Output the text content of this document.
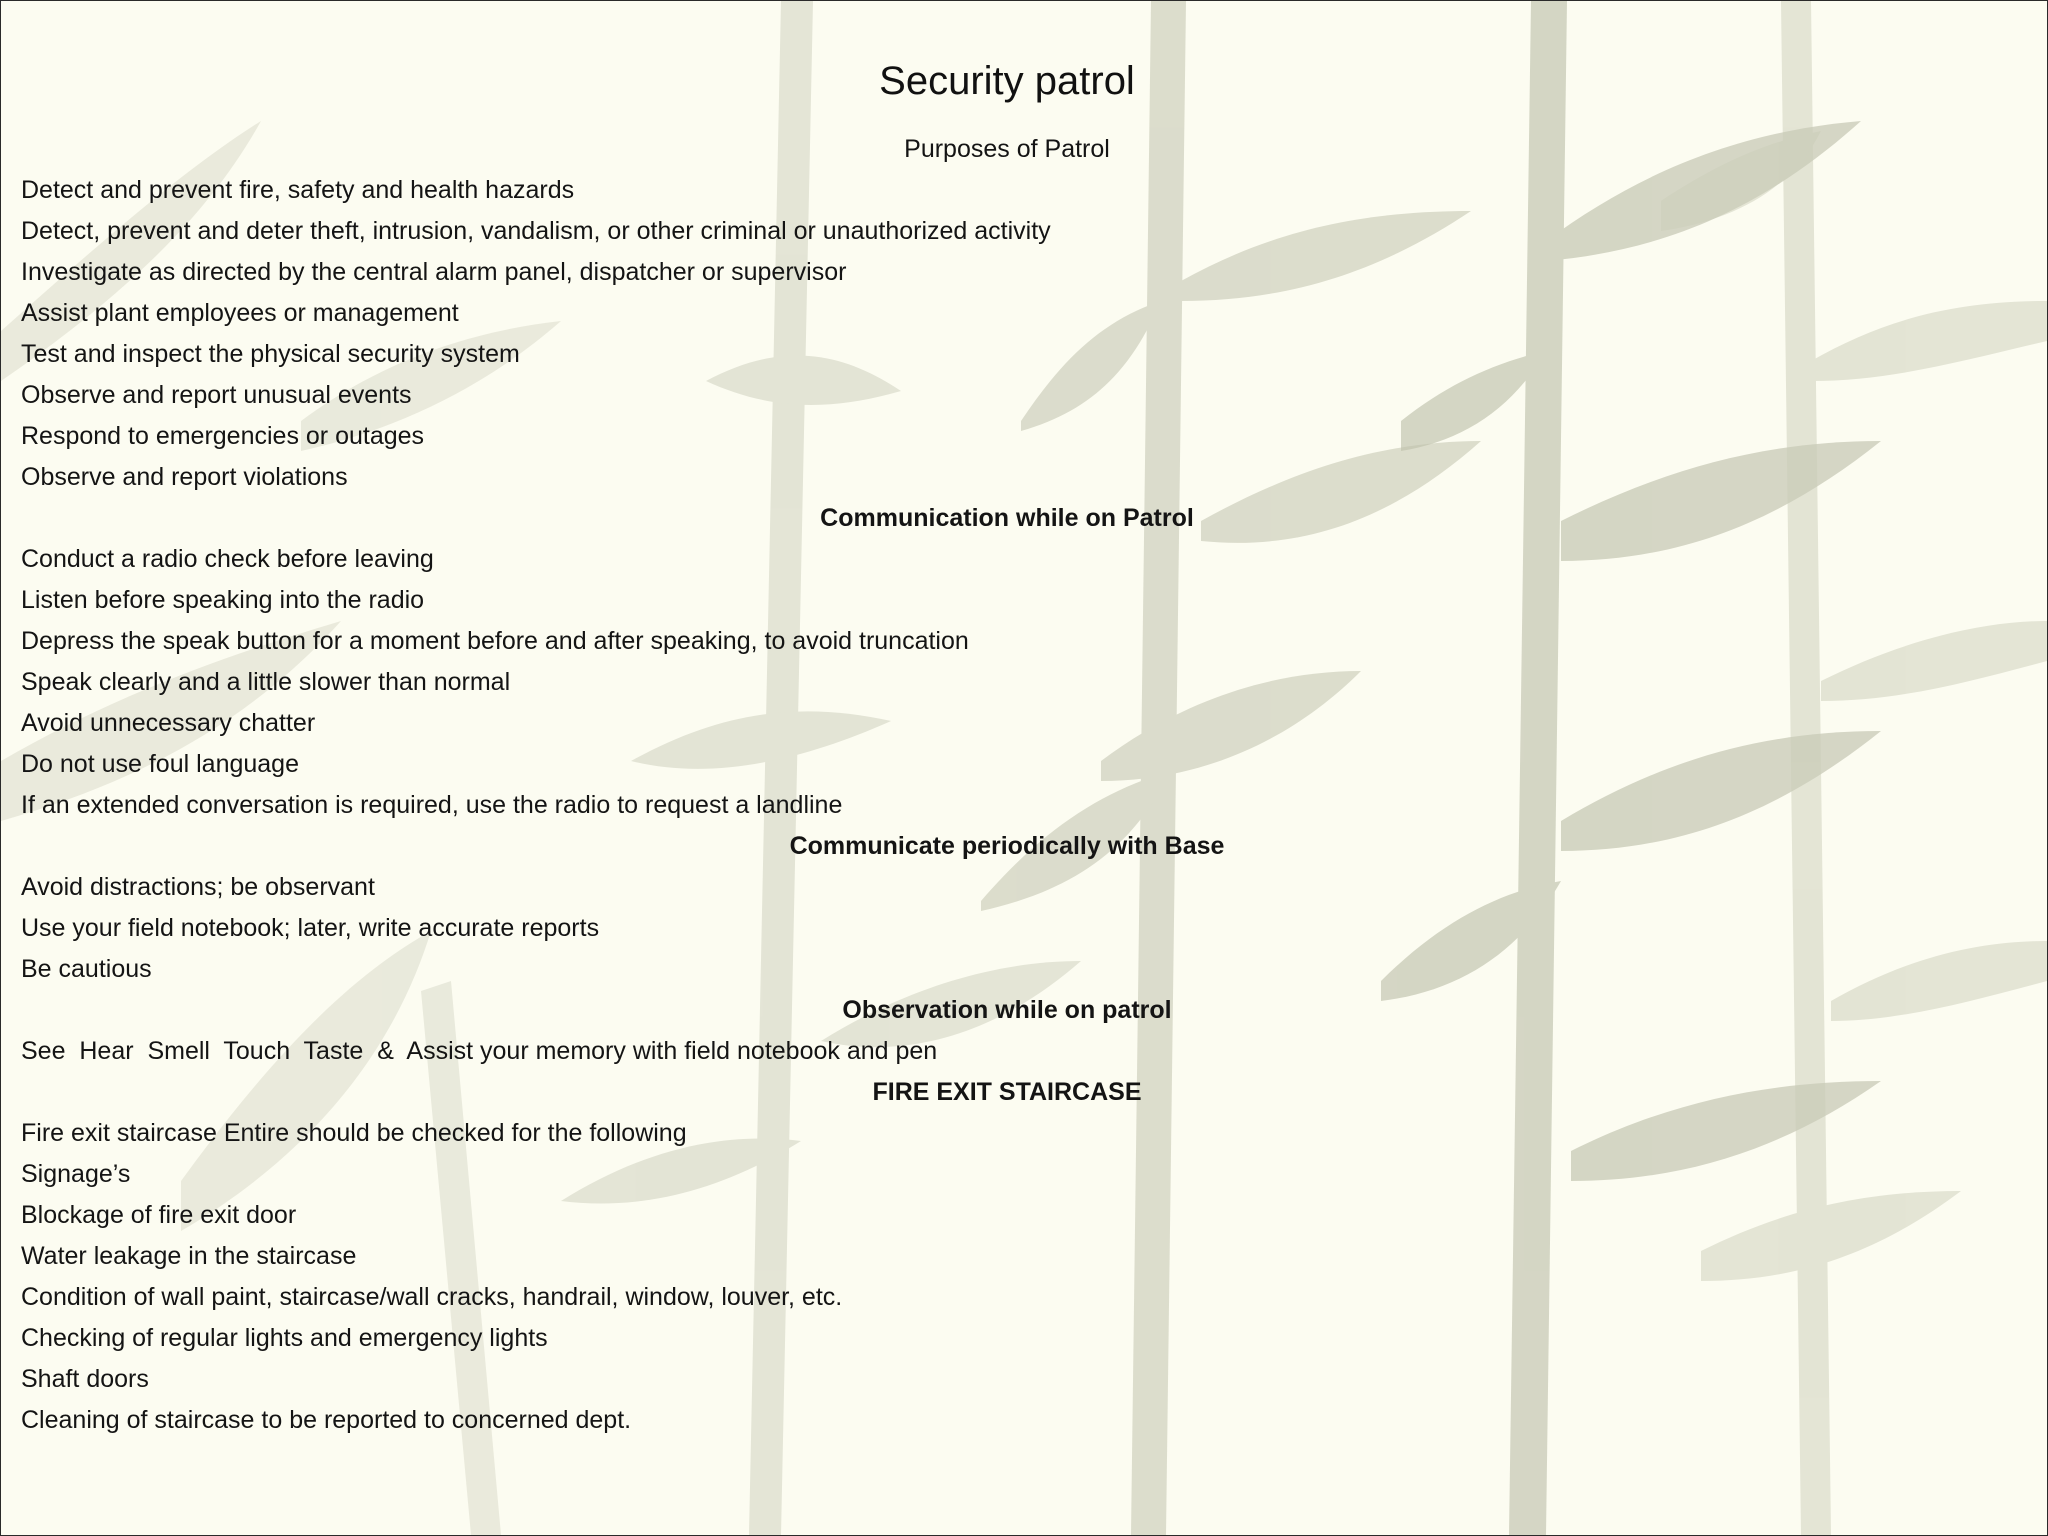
Security patrol
Purposes of Patrol
Detect and prevent fire, safety and health hazards
Detect, prevent and deter theft, intrusion, vandalism, or other criminal or unauthorized activity
Investigate as directed by the central alarm panel, dispatcher or supervisor
Assist plant employees or management
Test and inspect the physical security system
Observe and report unusual events
Respond to emergencies or outages
Observe and report violations
Communication while on Patrol
Conduct a radio check before leaving
Listen before speaking into the radio
Depress the speak button for a moment before and after speaking, to avoid truncation
Speak clearly and a little slower than normal
Avoid unnecessary chatter
Do not use foul language
If an extended conversation is required, use the radio to request a landline
Communicate periodically with Base
Avoid distractions; be observant
Use your field notebook; later, write accurate reports
Be cautious
Observation while on patrol
See  Hear  Smell  Touch  Taste  &  Assist your memory with field notebook and pen
FIRE EXIT STAIRCASE
Fire exit staircase Entire should be checked for the following
Signage’s
Blockage of fire exit door
Water leakage in the staircase
Condition of wall paint, staircase/wall cracks, handrail, window, louver, etc.
Checking of regular lights and emergency lights
Shaft doors
Cleaning of staircase to be reported to concerned dept.
